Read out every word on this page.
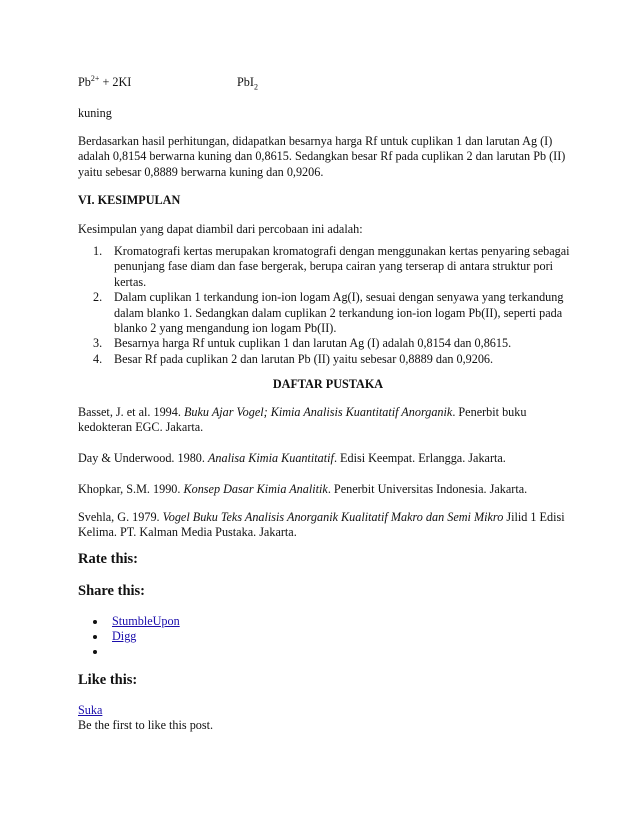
$Pb^{2+} + 2KI$	PbI$_2$

kuning

Berdasarkan hasil perhitungan, didapatkan besarnya harga Rf untuk cuplikan 1 dan larutan Ag (I) adalah 0,8154 berwarna kuning dan 0,8615. Sedangkan besar Rf pada cuplikan 2 dan larutan Pb (II) yaitu sebesar 0,8889 berwarna kuning dan 0,9206.

VI. KESIMPULAN

Kesimpulan yang dapat diambil dari percobaan ini adalah:

1. Kromatografi kertas merupakan kromatografi dengan menggunakan kertas penyaring sebagai penunjang fase diam dan fase bergerak, berupa cairan yang terserap di antara struktur pori kertas.
2. Dalam cuplikan 1 terkandung ion-ion logam Ag(I), sesuai dengan senyawa yang terkandung dalam blanko 1. Sedangkan dalam cuplikan 2 terkandung ion-ion logam Pb(II), seperti pada blanko 2 yang mengandung ion logam Pb(II).
3. Besarnya harga Rf untuk cuplikan 1 dan larutan Ag (I) adalah 0,8154 dan 0,8615.
4. Besar Rf pada cuplikan 2 dan larutan Pb (II) yaitu sebesar 0,8889 dan 0,9206.

DAFTAR PUSTAKA

Basset, J. et al. 1994. Buku Ajar Vogel; Kimia Analisis Kuantitatif Anorganik. Penerbit buku kedokteran EGC. Jakarta.

Day & Underwood. 1980. Analisa Kimia Kuantitatif. Edisi Keempat. Erlangga. Jakarta.

Khopkar, S.M. 1990. Konsep Dasar Kimia Analitik. Penerbit Universitas Indonesia. Jakarta.

Svehla, G. 1979. Vogel Buku Teks Analisis Anorganik Kualitatif Makro dan Semi Mikro Jilid 1 Edisi Kelima. PT. Kalman Media Pustaka. Jakarta.

Rate this:

Share this:

StumbleUpon
Digg

Like this:

Suka

Be the first to like this post.
